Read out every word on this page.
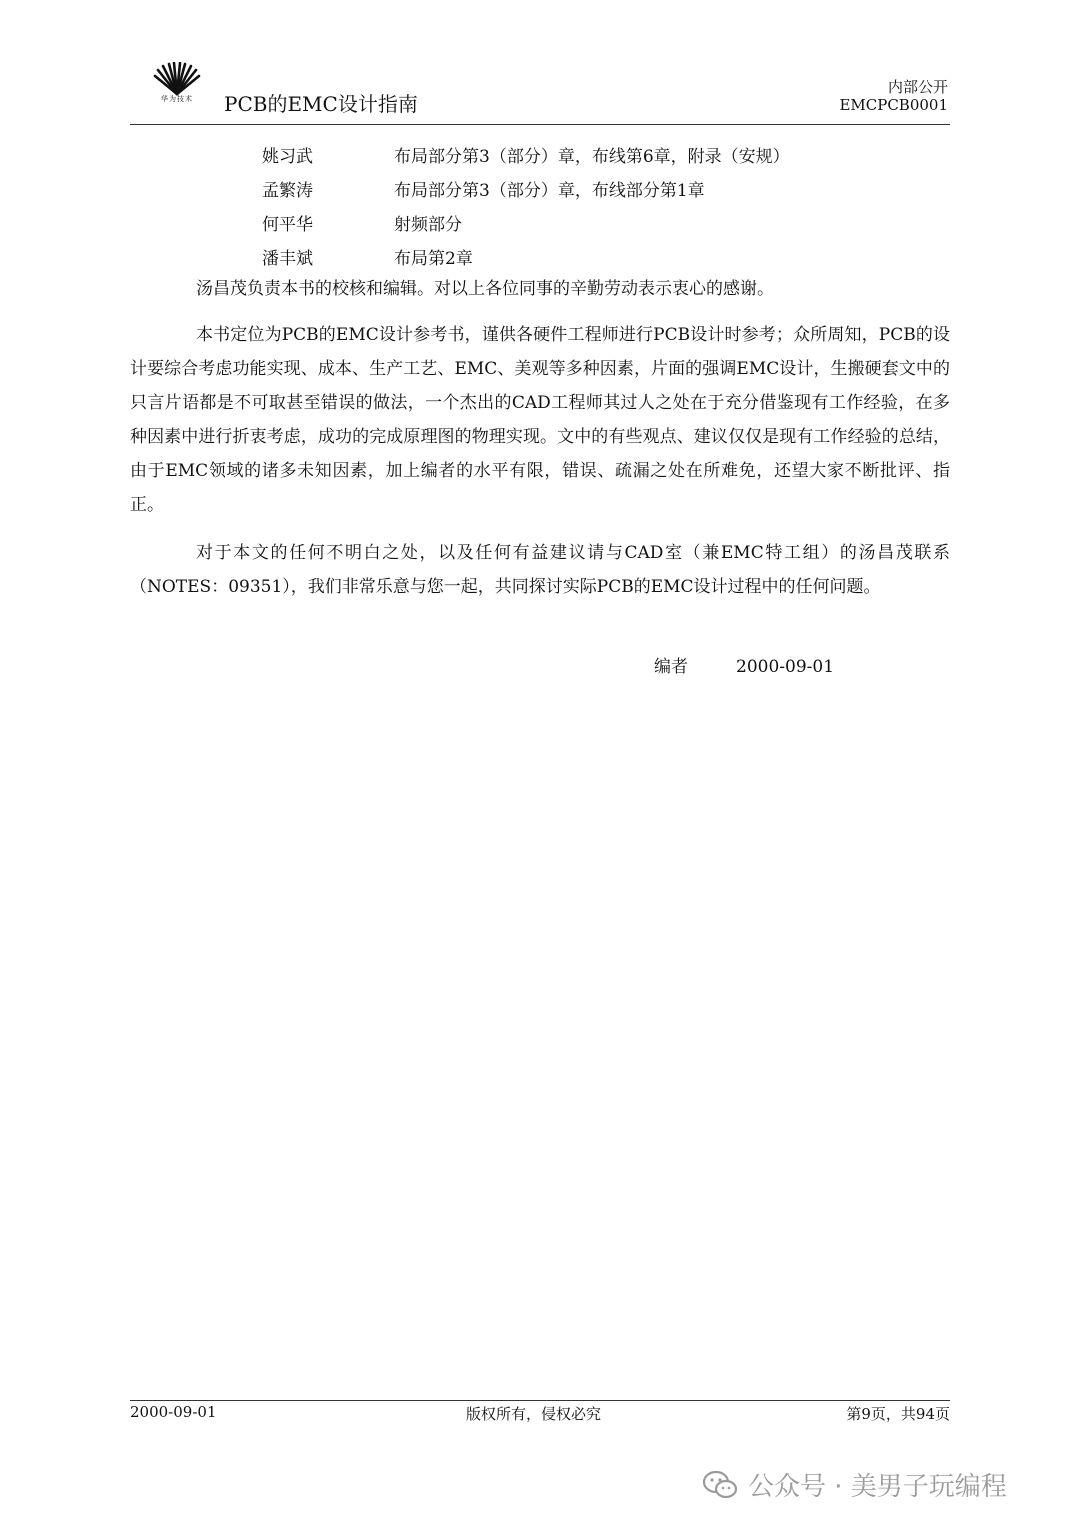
华为技术	PCB的EMC设计指南
内部公开
EMCPCB0001
姚习武	布局部分第3（部分）章，布线第6章，附录（安规）
孟繁涛	布局部分第3（部分）章，布线部分第1章
何平华	射频部分
潘丰斌	布局第2章

汤昌茂负责本书的校核和编辑。对以上各位同事的辛勤劳动表示衷心的感谢。

本书定位为PCB的EMC设计参考书，谨供各硬件工程师进行PCB设计时参考；众所周知，PCB的设计要综合考虑功能实现、成本、生产工艺、EMC、美观等多种因素，片面的强调EMC设计，生搬硬套文中的只言片语都是不可取甚至错误的做法，一个杰出的CAD工程师其过人之处在于充分借鉴现有工作经验，在多种因素中进行折衷考虑，成功的完成原理图的物理实现。文中的有些观点、建议仅仅是现有工作经验的总结，由于EMC领域的诸多未知因素，加上编者的水平有限，错误、疏漏之处在所难免，还望大家不断批评、指正。

对于本文的任何不明白之处，以及任何有益建议请与CAD室（兼EMC特工组）的汤昌茂联系（NOTES：09351），我们非常乐意与您一起，共同探讨实际PCB的EMC设计过程中的任何问题。

编者	2000-09-01
2000-09-01	版权所有，侵权必究	第9页，共94页
公众号 · 美男子玩编程
